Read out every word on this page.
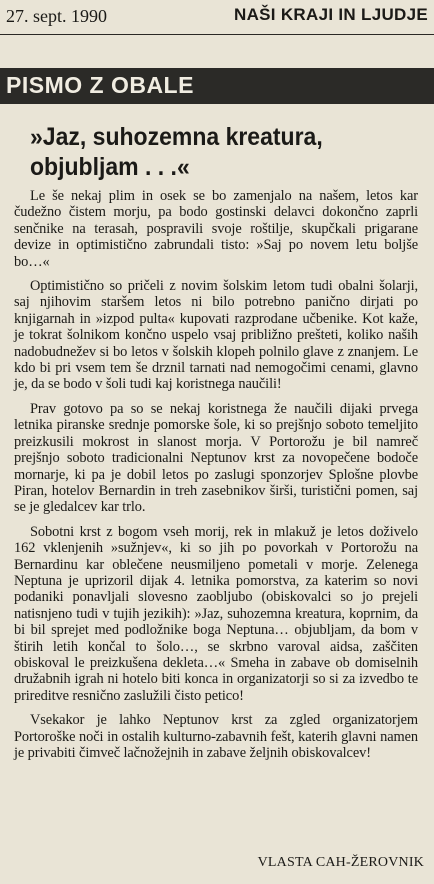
27. sept. 1990	NAŠI KRAJI IN LJUDJE
PISMO Z OBALE
»Jaz, suhozemna kreatura, objubljam . . .«

Le še nekaj plim in osek se bo zamenjalo na našem, letos kar čudežno čistem morju, pa bodo gostinski delavci dokončno zaprli senčnike na terasah, pospravili svoje roštilje, skupčkali prigarane devize in optimistično zabrundali tisto: »Saj po novem letu boljše bo…«

Optimistično so pričeli z novim šolskim letom tudi obalni šolarji, saj njihovim staršem letos ni bilo potrebno panično dirjati po knjigarnah in »izpod pulta« kupovati razprodane učbenike. Kot kaže, je tokrat šolnikom končno uspelo vsaj približno prešteti, koliko naših nadobudnežev si bo letos v šolskih klopeh polnilo glave z znanjem. Le kdo bi pri vsem tem še drznil tarnati nad nemogočimi cenami, glavno je, da se bodo v šoli tudi kaj koristnega naučili!

Prav gotovo pa so se nekaj koristnega že naučili dijaki prvega letnika piranske srednje pomorske šole, ki so prejšnjo soboto temeljito preizkusili mokrost in slanost morja. V Portorožu je bil namreč prejšnjo soboto tradicionalni Neptunov krst za novopečene bodoče mornarje, ki pa je dobil letos po zaslugi sponzorjev Splošne plovbe Piran, hotelov Bernardin in treh zasebnikov širši, turistični pomen, saj se je gledalcev kar trlo.

Sobotni krst z bogom vseh morij, rek in mlakuž je letos doživelo 162 vklenjenih »sužnjev«, ki so jih po povorkah v Portorožu na Bernardinu kar oblečene neusmiljeno pometali v morje. Zelenega Neptuna je uprizoril dijak 4. letnika pomorstva, za katerim so novi podaniki ponavljali slovesno zaobljubo (obiskovalci so jo prejeli natisnjeno tudi v tujih jezikih): »Jaz, suhozemna kreatura, koprnim, da bi bil sprejet med podložnike boga Neptuna… objubljam, da bom v štirih letih končal to šolo…, se skrbno varoval aidsa, zaščiten obiskoval le preizkušena dekleta…« Smeha in zabave ob domiselnih družabnih igrah ni hotelo biti konca in organizatorji so si za izvedbo te prireditve resnično zaslužili čisto petico!

Vsekakor je lahko Neptunov krst za zgled organizatorjem Portoroške noči in ostalih kulturno-zabavnih fešt, katerih glavni namen je privabiti čimveč lačnožejnih in zabave željnih obiskovalcev!

VLASTA CAH-ŽEROVNIK
